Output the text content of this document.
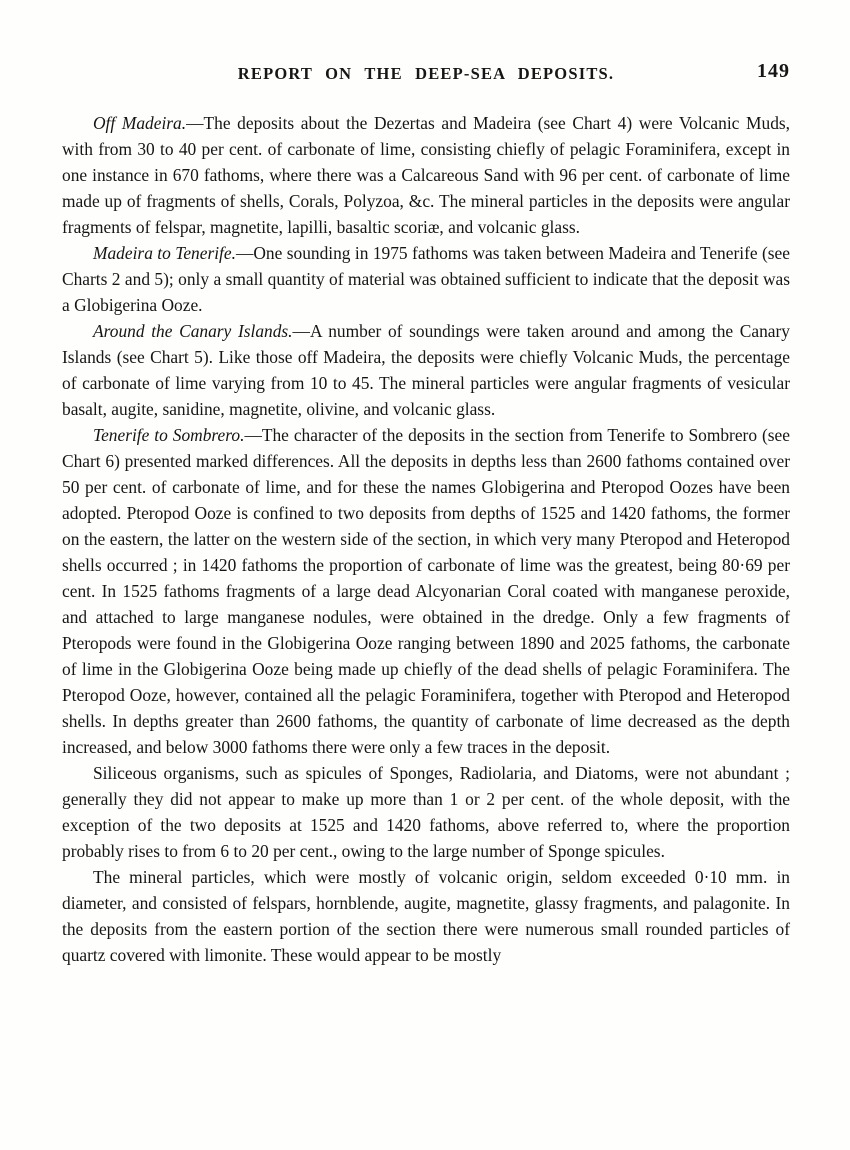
REPORT ON THE DEEP-SEA DEPOSITS.	149

Off Madeira.—The deposits about the Dezertas and Madeira (see Chart 4) were Volcanic Muds, with from 30 to 40 per cent. of carbonate of lime, consisting chiefly of pelagic Foraminifera, except in one instance in 670 fathoms, where there was a Calcareous Sand with 96 per cent. of carbonate of lime made up of fragments of shells, Corals, Polyzoa, &c. The mineral particles in the deposits were angular fragments of felspar, magnetite, lapilli, basaltic scoriæ, and volcanic glass.

Madeira to Tenerife.—One sounding in 1975 fathoms was taken between Madeira and Tenerife (see Charts 2 and 5); only a small quantity of material was obtained sufficient to indicate that the deposit was a Globigerina Ooze.

Around the Canary Islands.—A number of soundings were taken around and among the Canary Islands (see Chart 5). Like those off Madeira, the deposits were chiefly Volcanic Muds, the percentage of carbonate of lime varying from 10 to 45. The mineral particles were angular fragments of vesicular basalt, augite, sanidine, magnetite, olivine, and volcanic glass.

Tenerife to Sombrero.—The character of the deposits in the section from Tenerife to Sombrero (see Chart 6) presented marked differences. All the deposits in depths less than 2600 fathoms contained over 50 per cent. of carbonate of lime, and for these the names Globigerina and Pteropod Oozes have been adopted. Pteropod Ooze is confined to two deposits from depths of 1525 and 1420 fathoms, the former on the eastern, the latter on the western side of the section, in which very many Pteropod and Heteropod shells occurred ; in 1420 fathoms the proportion of carbonate of lime was the greatest, being 80·69 per cent. In 1525 fathoms fragments of a large dead Alcyonarian Coral coated with manganese peroxide, and attached to large manganese nodules, were obtained in the dredge. Only a few fragments of Pteropods were found in the Globigerina Ooze ranging between 1890 and 2025 fathoms, the carbonate of lime in the Globigerina Ooze being made up chiefly of the dead shells of pelagic Foraminifera. The Pteropod Ooze, however, contained all the pelagic Foraminifera, together with Pteropod and Heteropod shells. In depths greater than 2600 fathoms, the quantity of carbonate of lime decreased as the depth increased, and below 3000 fathoms there were only a few traces in the deposit.

Siliceous organisms, such as spicules of Sponges, Radiolaria, and Diatoms, were not abundant ; generally they did not appear to make up more than 1 or 2 per cent. of the whole deposit, with the exception of the two deposits at 1525 and 1420 fathoms, above referred to, where the proportion probably rises to from 6 to 20 per cent., owing to the large number of Sponge spicules.

The mineral particles, which were mostly of volcanic origin, seldom exceeded 0·10 mm. in diameter, and consisted of felspars, hornblende, augite, magnetite, glassy fragments, and palagonite. In the deposits from the eastern portion of the section there were numerous small rounded particles of quartz covered with limonite. These would appear to be mostly
